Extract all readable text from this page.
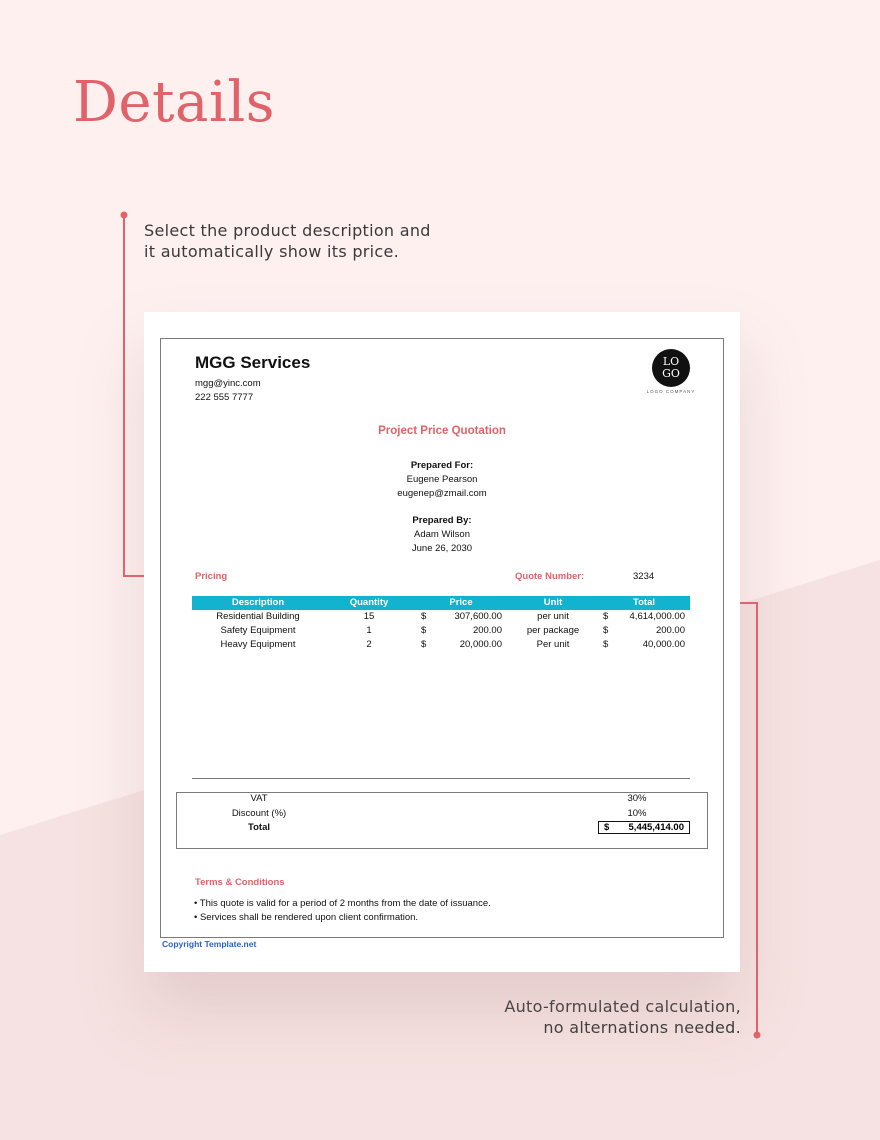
Details
Select the product description and
it automatically show its price.
Auto-formulated calculation,
no alternations needed.
MGG Services
mgg@yinc.com
222 555 7777
LO
GO
LOGO COMPANY
Project Price Quotation
Prepared For:
Eugene Pearson
eugenep@zmail.com
Prepared By:
Adam Wilson
June 26, 2030
Pricing	Quote Number:	3234
Description	Quantity	Price	Unit	Total
Residential Building	15	$	307,600.00	per unit	$	4,614,000.00
Safety Equipment	1	$	200.00	per package	$	200.00
Heavy Equipment	2	$	20,000.00	Per unit	$	40,000.00
VAT	30%
Discount (%)	10%
Total	$ 5,445,414.00
Terms & Conditions
• This quote is valid for a period of 2 months from the date of issuance.
• Services shall be rendered upon client confirmation.
Copyright Template.net
